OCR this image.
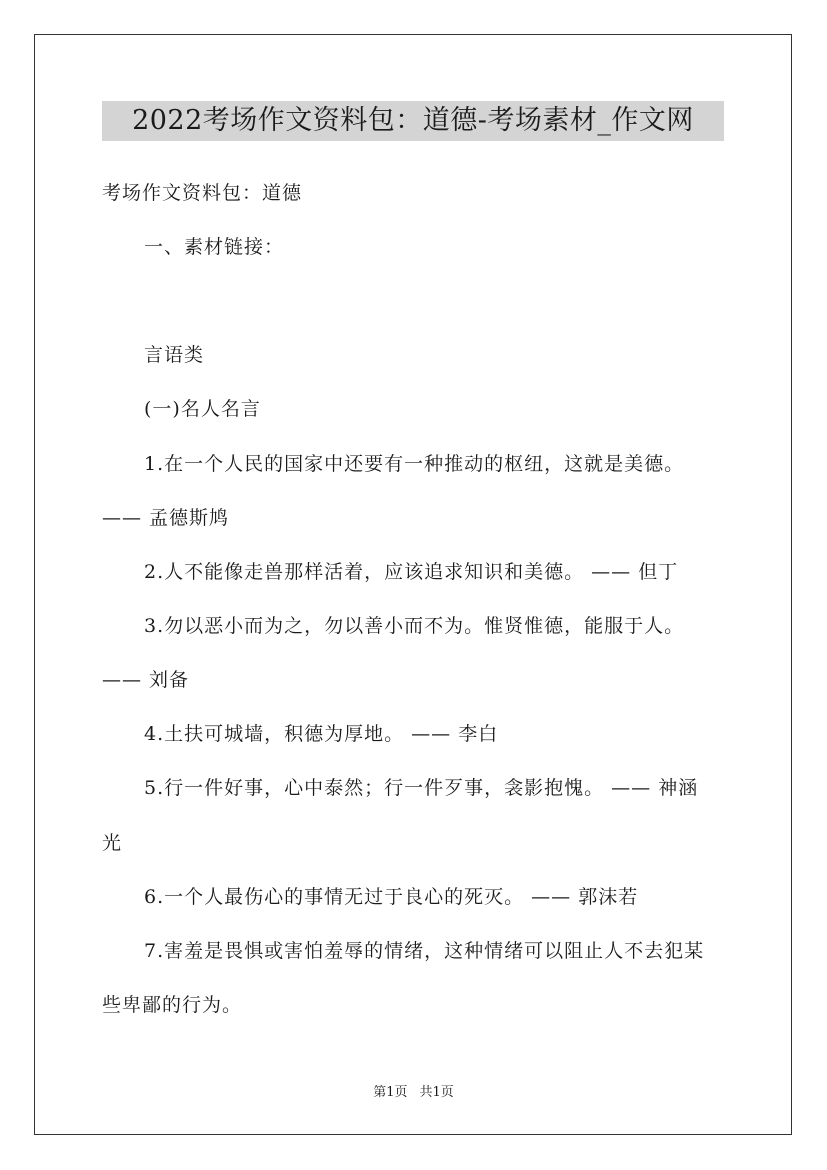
2022考场作文资料包：道德-考场素材_作文网
考场作文资料包：道德
一、素材链接：
言语类
(一)名人名言
1.在一个人民的国家中还要有一种推动的枢纽，这就是美德。
—— 孟德斯鸠
2.人不能像走兽那样活着，应该追求知识和美德。 —— 但丁
3.勿以恶小而为之，勿以善小而不为。惟贤惟德，能服于人。
—— 刘备
4.土扶可城墙，积德为厚地。 —— 李白
5.行一件好事，心中泰然；行一件歹事，衾影抱愧。 —— 神涵
光
6.一个人最伤心的事情无过于良心的死灭。 —— 郭沫若
7.害羞是畏惧或害怕羞辱的情绪，这种情绪可以阻止人不去犯某
些卑鄙的行为。
第1页 共1页
